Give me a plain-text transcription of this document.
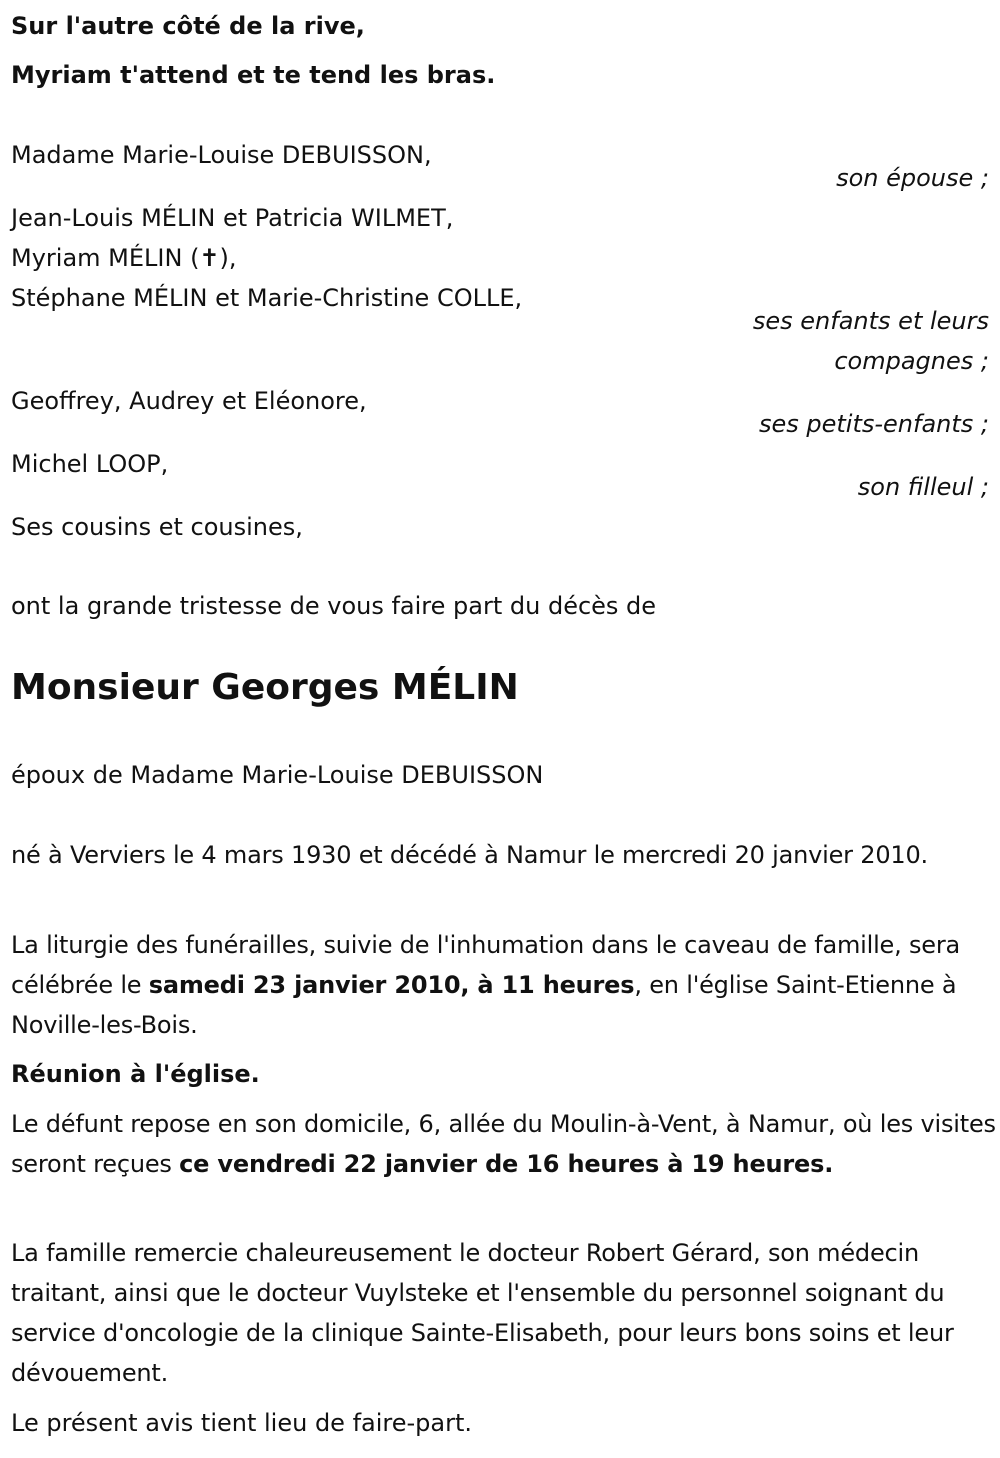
Sur l'autre côté de la rive,

Myriam t'attend et te tend les bras.

Madame Marie-Louise DEBUISSON,

son épouse ;

Jean-Louis MÉLIN et Patricia WILMET,

Myriam MÉLIN (✝),

Stéphane MÉLIN et Marie-Christine COLLE,

ses enfants et leurs

compagnes ;

Geoffrey, Audrey et Eléonore,

ses petits-enfants ;

Michel LOOP,

son filleul ;

Ses cousins et cousines,

ont la grande tristesse de vous faire part du décès de

Monsieur Georges MÉLIN

époux de Madame Marie-Louise DEBUISSON

né à Verviers le 4 mars 1930 et décédé à Namur le mercredi 20 janvier 2010.

La liturgie des funérailles, suivie de l'inhumation dans le caveau de famille, sera célébrée le samedi 23 janvier 2010, à 11 heures, en l'église Saint-Etienne à Noville-les-Bois.

Réunion à l'église.

Le défunt repose en son domicile, 6, allée du Moulin-à-Vent, à Namur, où les visites seront reçues ce vendredi 22 janvier de 16 heures à 19 heures.

La famille remercie chaleureusement le docteur Robert Gérard, son médecin traitant, ainsi que le docteur Vuylsteke et l'ensemble du personnel soignant du service d'oncologie de la clinique Sainte-Elisabeth, pour leurs bons soins et leur dévouement.

Le présent avis tient lieu de faire-part.
